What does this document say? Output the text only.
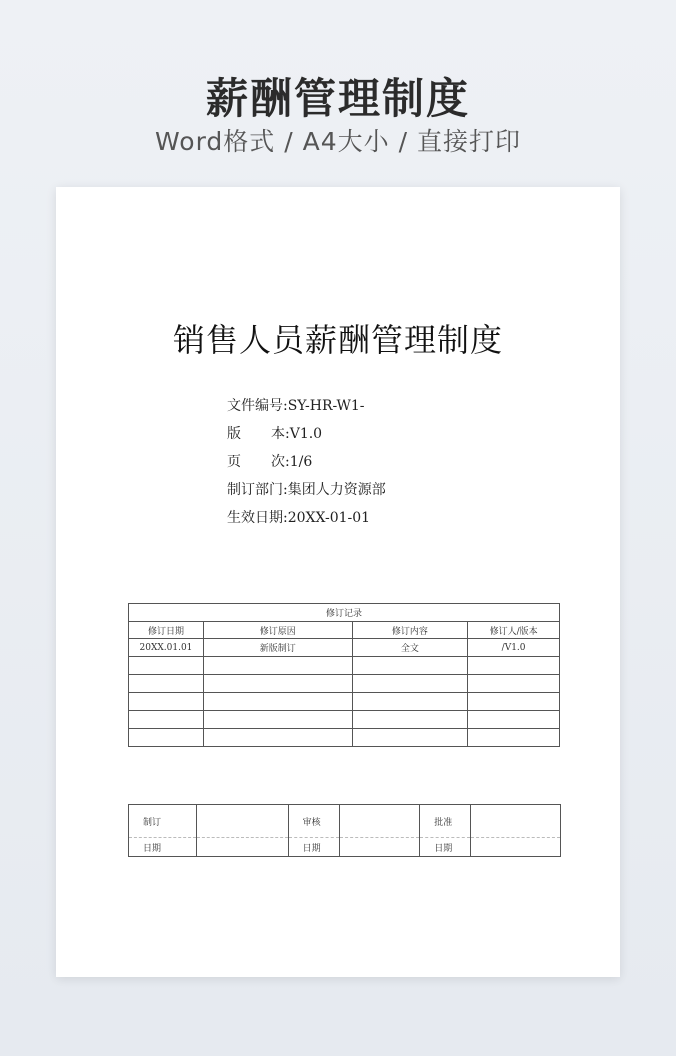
薪酬管理制度
Word格式 / A4大小 / 直接打印
销售人员薪酬管理制度
文件编号:SY-HR-W1-
版 本:V1.0
页 次:1/6
制订部门:集团人力资源部
生效日期:20XX-01-01
修订记录			
修订日期	修订原因	修订内容	修订人/版本
20XX.01.01	新版制订	全文	/V1.0

制订		审核		批准	
日期		日期		日期	
